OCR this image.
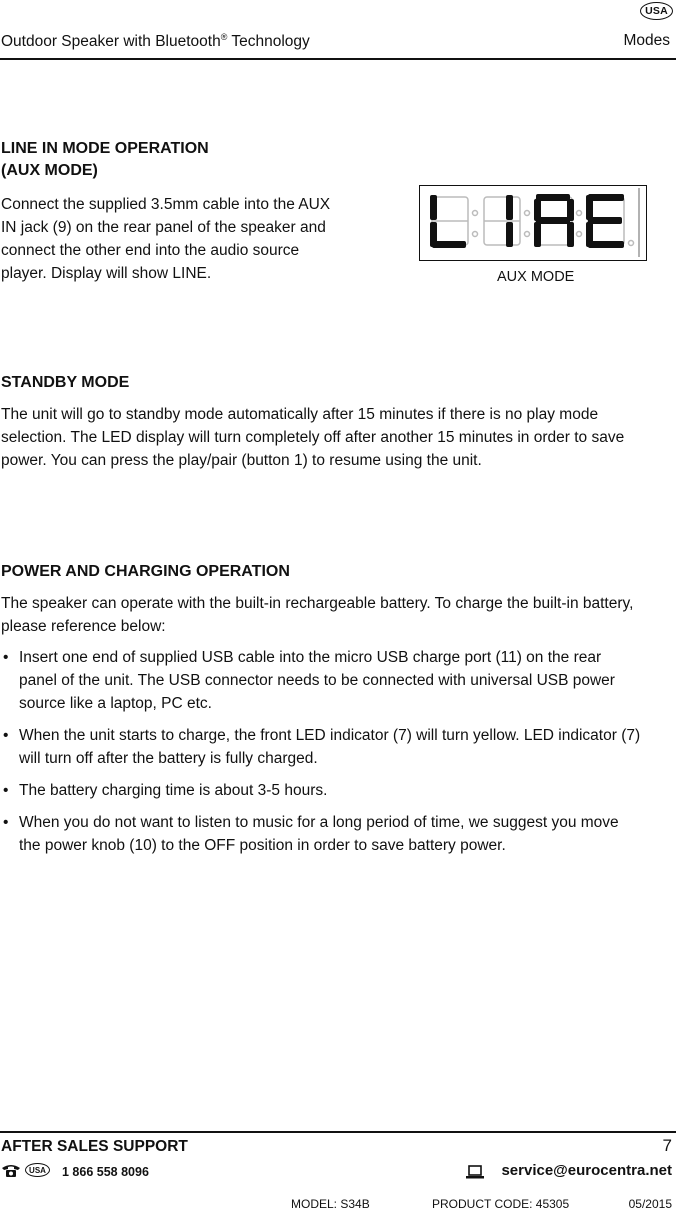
USA
Outdoor Speaker with Bluetooth® Technology	Modes
LINE IN MODE OPERATION
(AUX MODE)

Connect the supplied 3.5mm cable into the AUX IN jack (9) on the rear panel of the speaker and connect the other end into the audio source player. Display will show LINE.	AUX MODE
STANDBY MODE

The unit will go to standby mode automatically after 15 minutes if there is no play mode selection. The LED display will turn completely off after another 15 minutes in order to save power. You can press the play/pair (button 1) to resume using the unit.

POWER AND CHARGING OPERATION

The speaker can operate with the built-in rechargeable battery. To charge the built-in battery, please reference below:

• Insert one end of supplied USB cable into the micro USB charge port (11) on the rear panel of the unit. The USB connector needs to be connected with universal USB power source like a laptop, PC etc.
• When the unit starts to charge, the front LED indicator (7) will turn yellow. LED indicator (7) will turn off after the battery is fully charged.
• The battery charging time is about 3-5 hours.
• When you do not want to listen to music for a long period of time, we suggest you move the power knob (10) to the OFF position in order to save battery power.
AFTER SALES SUPPORT	7
USA	1 866 558 8096	service@eurocentra.net
MODEL: S34B	PRODUCT CODE: 45305	05/2015
